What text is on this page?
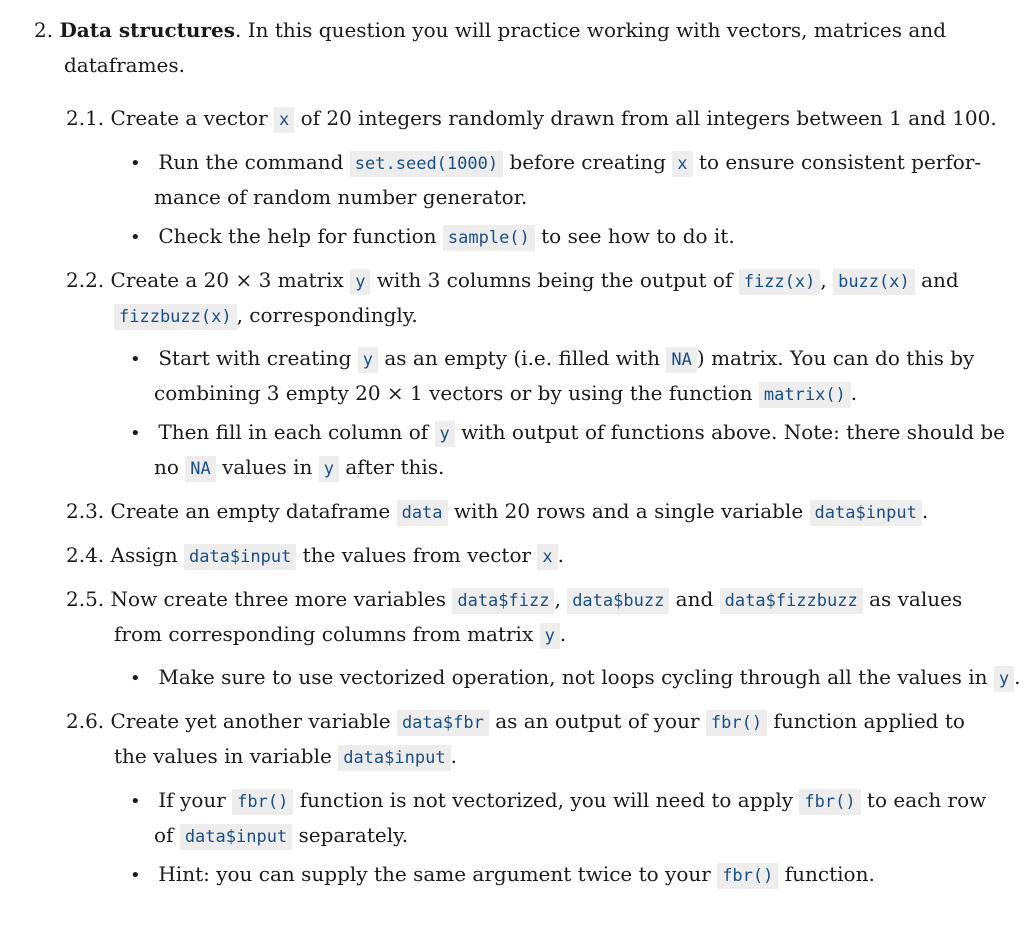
2. Data structures. In this question you will practice working with vectors, matrices and
dataframes.
2.1. Create a vector x of 20 integers randomly drawn from all integers between 1 and 100.
• Run the command set.seed(1000) before creating x to ensure consistent perfor-
mance of random number generator.
• Check the help for function sample() to see how to do it.
2.2. Create a 20 × 3 matrix y with 3 columns being the output of fizz(x) , buzz(x) and
fizzbuzz(x) , correspondingly.
• Start with creating y as an empty (i.e. filled with NA ) matrix. You can do this by
combining 3 empty 20 × 1 vectors or by using the function matrix() .
• Then fill in each column of y with output of functions above. Note: there should be
no NA values in y after this.
2.3. Create an empty dataframe data with 20 rows and a single variable data$input .
2.4. Assign data$input the values from vector x .
2.5. Now create three more variables data$fizz , data$buzz and data$fizzbuzz as values
from corresponding columns from matrix y .
• Make sure to use vectorized operation, not loops cycling through all the values in y .
2.6. Create yet another variable data$fbr as an output of your fbr() function applied to
the values in variable data$input .
• If your fbr() function is not vectorized, you will need to apply fbr() to each row
of data$input separately.
• Hint: you can supply the same argument twice to your fbr() function.
